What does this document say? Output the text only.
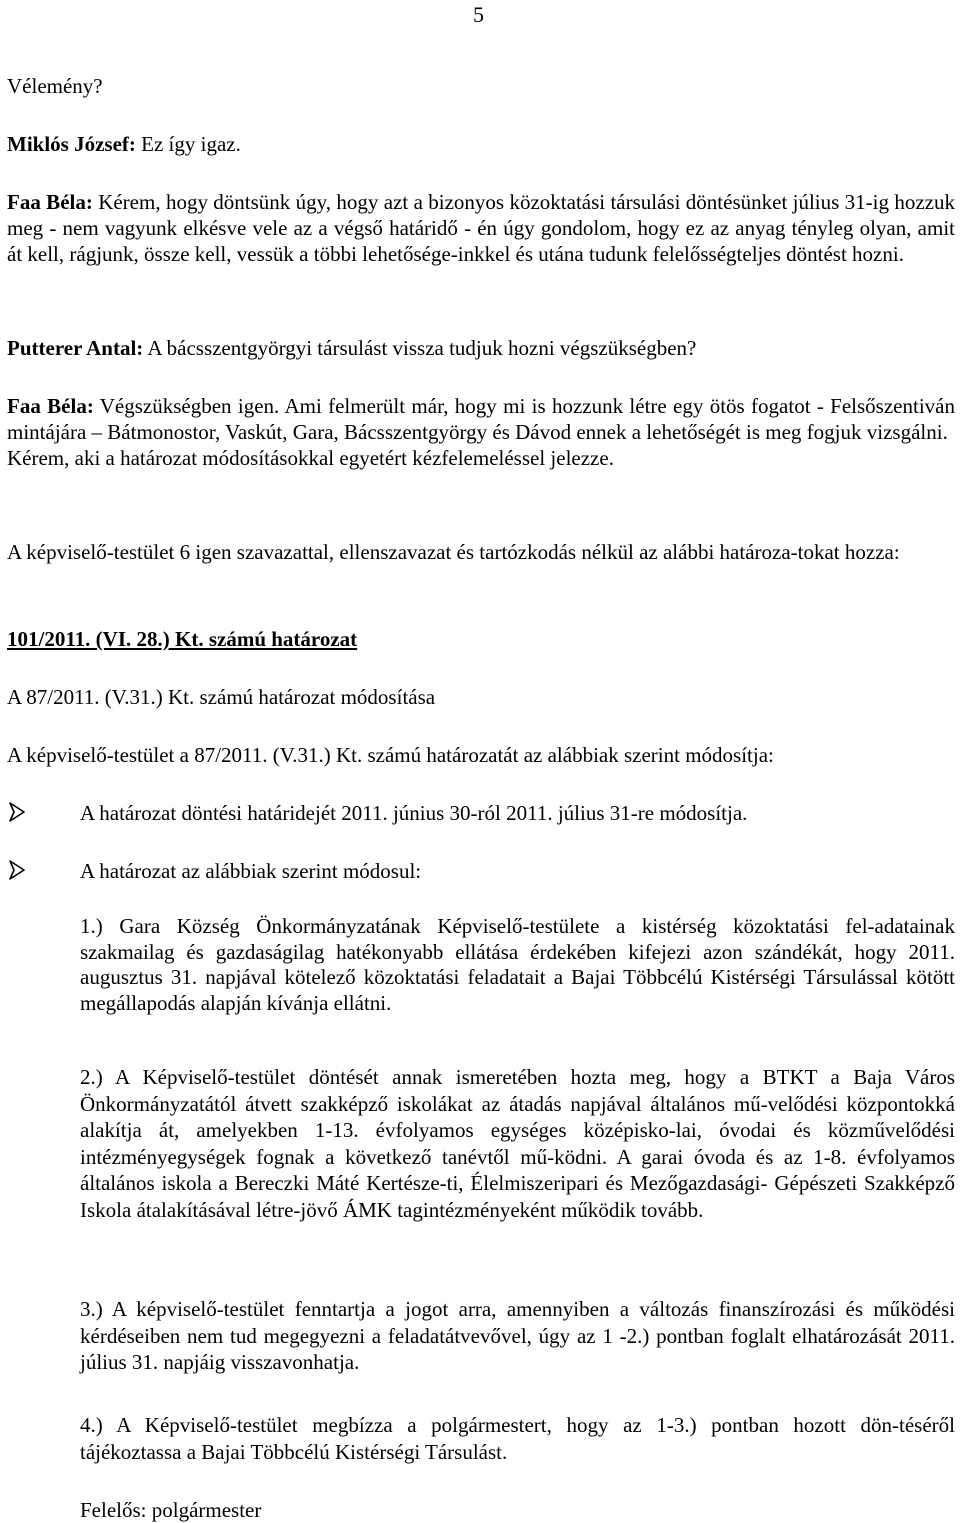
5

Vélemény?

Miklós József: Ez így igaz.

Faa Béla: Kérem, hogy döntsünk úgy, hogy azt a bizonyos közoktatási társulási döntésünket július 31-ig hozzuk meg - nem vagyunk elkésve vele az a végső határidő - én úgy gondolom, hogy ez az anyag tényleg olyan, amit át kell, rágjunk, össze kell, vessük a többi lehetősége-inkkel és utána tudunk felelősségteljes döntést hozni.

Putterer Antal: A bácsszentgyörgyi társulást vissza tudjuk hozni végszükségben?

Faa Béla: Végszükségben igen. Ami felmerült már, hogy mi is hozzunk létre egy ötös fogatot - Felsőszentiván mintájára – Bátmonostor, Vaskút, Gara, Bácsszentgyörgy és Dávod ennek a lehetőségét is meg fogjuk vizsgálni.

Kérem, aki a határozat módosításokkal egyetért kézfelemeléssel jelezze.

A képviselő-testület 6 igen szavazattal, ellenszavazat és tartózkodás nélkül az alábbi határoza-tokat hozza:

101/2011. (VI. 28.) Kt. számú határozat

A 87/2011. (V.31.) Kt. számú határozat módosítása

A képviselő-testület a 87/2011. (V.31.) Kt. számú határozatát az alábbiak szerint módosítja:

A határozat döntési határidejét 2011. június 30-ról 2011. július 31-re módosítja.
A határozat az alábbiak szerint módosul:

1.) Gara Község Önkormányzatának Képviselő-testülete a kistérség közoktatási fel-adatainak szakmailag és gazdaságilag hatékonyabb ellátása érdekében kifejezi azon szándékát, hogy 2011. augusztus 31. napjával kötelező közoktatási feladatait a Bajai Többcélú Kistérségi Társulással kötött megállapodás alapján kívánja ellátni.

2.) A Képviselő-testület döntését annak ismeretében hozta meg, hogy a BTKT a Baja Város Önkormányzatától átvett szakképző iskolákat az átadás napjával általános mű-velődési központokká alakítja át, amelyekben 1-13. évfolyamos egységes középisko-lai, óvodai és közművelődési intézményegységek fognak a következő tanévtől mű-ködni. A garai óvoda és az 1-8. évfolyamos általános iskola a Bereczki Máté Kertésze-ti, Élelmiszeripari és Mezőgazdasági- Gépészeti Szakképző Iskola átalakításával létre-jövő ÁMK tagintézményeként működik tovább.

3.) A képviselő-testület fenntartja a jogot arra, amennyiben a változás finanszírozási és működési kérdéseiben nem tud megegyezni a feladatátvevővel, úgy az 1 -2.) pontban foglalt elhatározását 2011. július 31. napjáig visszavonhatja.

4.) A Képviselő-testület megbízza a polgármestert, hogy az 1-3.) pontban hozott dön-téséről tájékoztassa a Bajai Többcélú Kistérségi Társulást.

Felelős: polgármester
